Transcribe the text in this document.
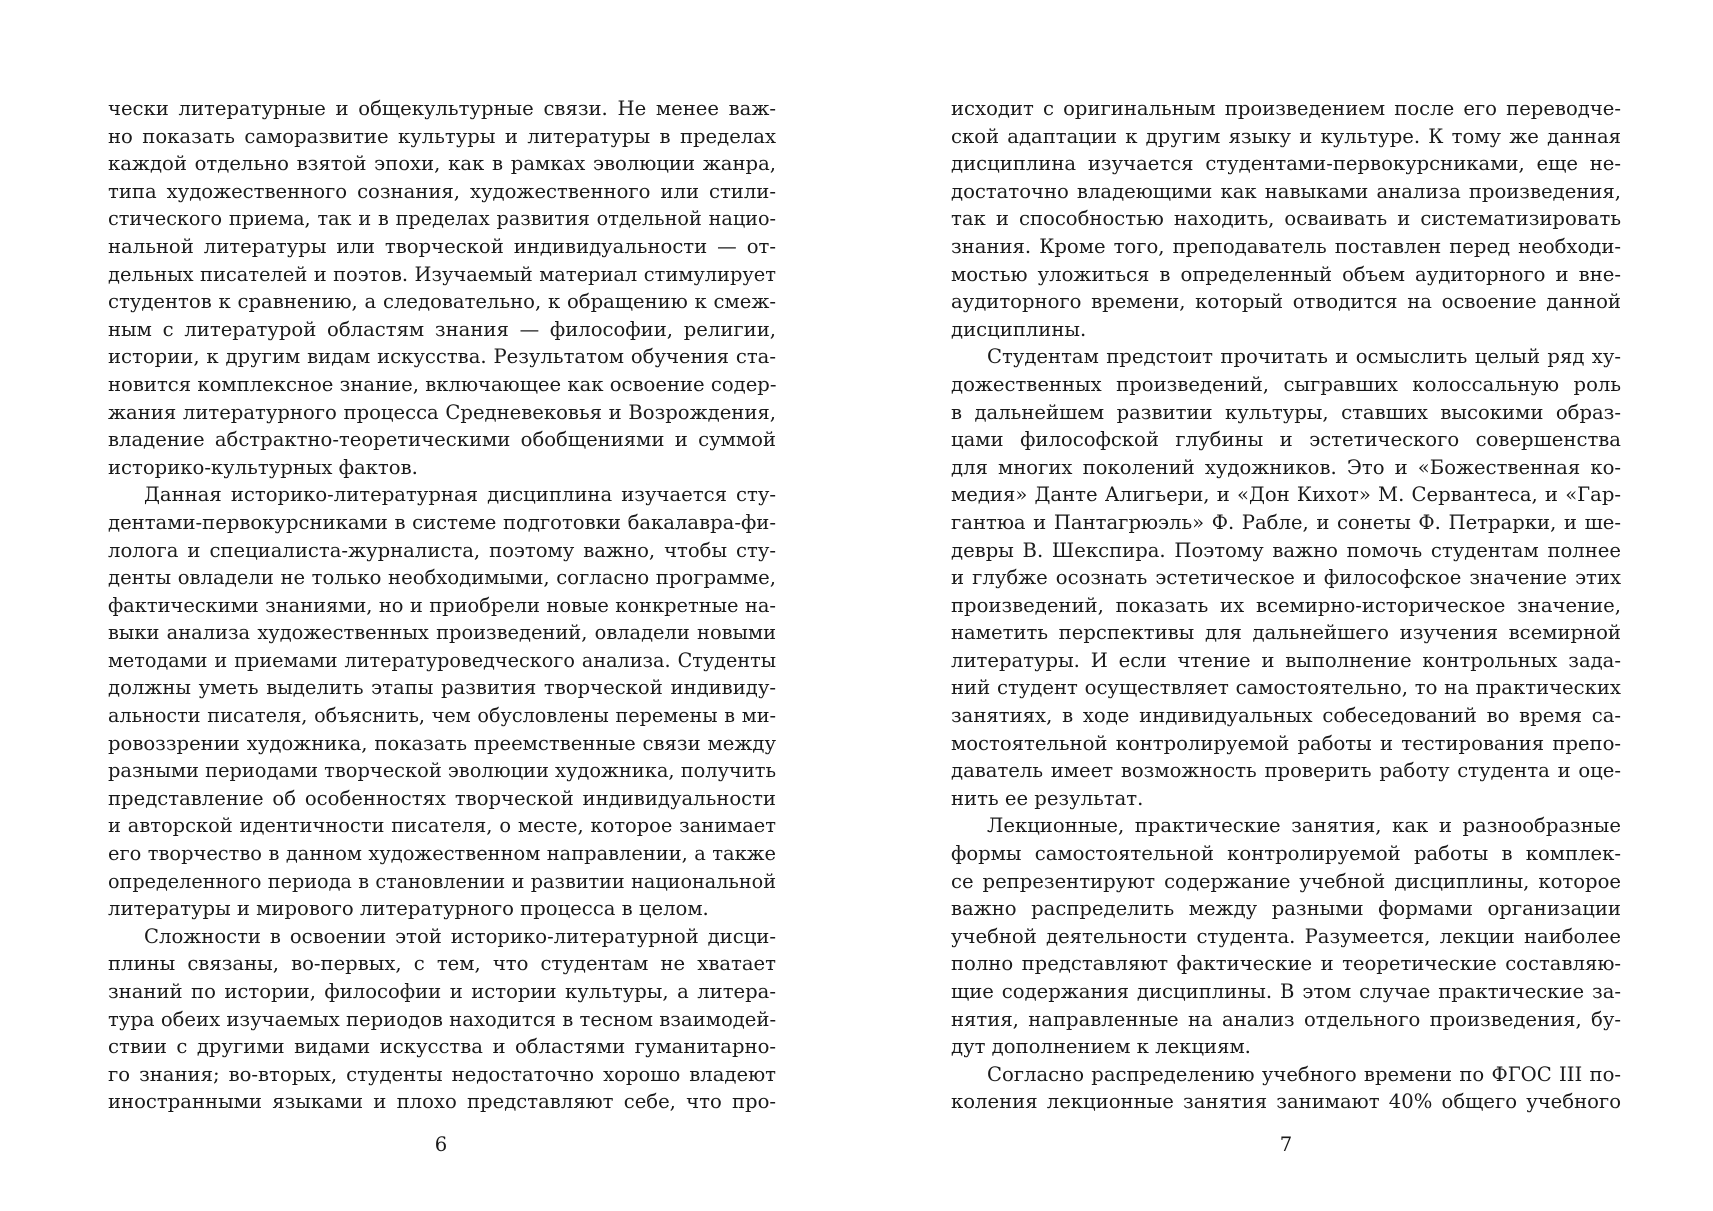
чески литературные и общекультурные связи. Не менее важ-
но показать саморазвитие культуры и литературы в пределах
каждой отдельно взятой эпохи, как в рамках эволюции жанра,
типа художественного сознания, художественного или стили-
стического приема, так и в пределах развития отдельной нацио-
нальной литературы или творческой индивидуальности — от-
дельных писателей и поэтов. Изучаемый материал стимулирует
студентов к сравнению, а следовательно, к обращению к смеж-
ным с литературой областям знания — философии, религии,
истории, к другим видам искусства. Результатом обучения ста-
новится комплексное знание, включающее как освоение содер-
жания литературного процесса Средневековья и Возрождения,
владение абстрактно-теоретическими обобщениями и суммой
историко-культурных фактов.
Данная историко-литературная дисциплина изучается сту-
дентами-первокурсниками в системе подготовки бакалавра-фи-
лолога и специалиста-журналиста, поэтому важно, чтобы сту-
денты овладели не только необходимыми, согласно программе,
фактическими знаниями, но и приобрели новые конкретные на-
выки анализа художественных произведений, овладели новыми
методами и приемами литературоведческого анализа. Студенты
должны уметь выделить этапы развития творческой индивиду-
альности писателя, объяснить, чем обусловлены перемены в ми-
ровоззрении художника, показать преемственные связи между
разными периодами творческой эволюции художника, получить
представление об особенностях творческой индивидуальности
и авторской идентичности писателя, о месте, которое занимает
его творчество в данном художественном направлении, а также
определенного периода в становлении и развитии национальной
литературы и мирового литературного процесса в целом.
Сложности в освоении этой историко-литературной дисци-
плины связаны, во-первых, с тем, что студентам не хватает
знаний по истории, философии и истории культуры, а литера-
тура обеих изучаемых периодов находится в тесном взаимодей-
ствии с другими видами искусства и областями гуманитарно-
го знания; во-вторых, студенты недостаточно хорошо владеют
иностранными языками и плохо представляют себе, что про-
исходит с оригинальным произведением после его переводче-
ской адаптации к другим языку и культуре. К тому же данная
дисциплина изучается студентами-первокурсниками, еще не-
достаточно владеющими как навыками анализа произведения,
так и способностью находить, осваивать и систематизировать
знания. Кроме того, преподаватель поставлен перед необходи-
мостью уложиться в определенный объем аудиторного и вне-
аудиторного времени, который отводится на освоение данной
дисциплины.
Студентам предстоит прочитать и осмыслить целый ряд ху-
дожественных произведений, сыгравших колоссальную роль
в дальнейшем развитии культуры, ставших высокими образ-
цами философской глубины и эстетического совершенства
для многих поколений художников. Это и «Божественная ко-
медия» Данте Алигьери, и «Дон Кихот» М. Сервантеса, и «Гар-
гантюа и Пантагрюэль» Ф. Рабле, и сонеты Ф. Петрарки, и ше-
девры В. Шекспира. Поэтому важно помочь студентам полнее
и глубже осознать эстетическое и философское значение этих
произведений, показать их всемирно-историческое значение,
наметить перспективы для дальнейшего изучения всемирной
литературы. И если чтение и выполнение контрольных зада-
ний студент осуществляет самостоятельно, то на практических
занятиях, в ходе индивидуальных собеседований во время са-
мостоятельной контролируемой работы и тестирования препо-
даватель имеет возможность проверить работу студента и оце-
нить ее результат.
Лекционные, практические занятия, как и разнообразные
формы самостоятельной контролируемой работы в комплек-
се репрезентируют содержание учебной дисциплины, которое
важно распределить между разными формами организации
учебной деятельности студента. Разумеется, лекции наиболее
полно представляют фактические и теоретические составляю-
щие содержания дисциплины. В этом случае практические за-
нятия, направленные на анализ отдельного произведения, бу-
дут дополнением к лекциям.
Согласно распределению учебного времени по ФГОС III по-
коления лекционные занятия занимают 40% общего учебного
6	7
